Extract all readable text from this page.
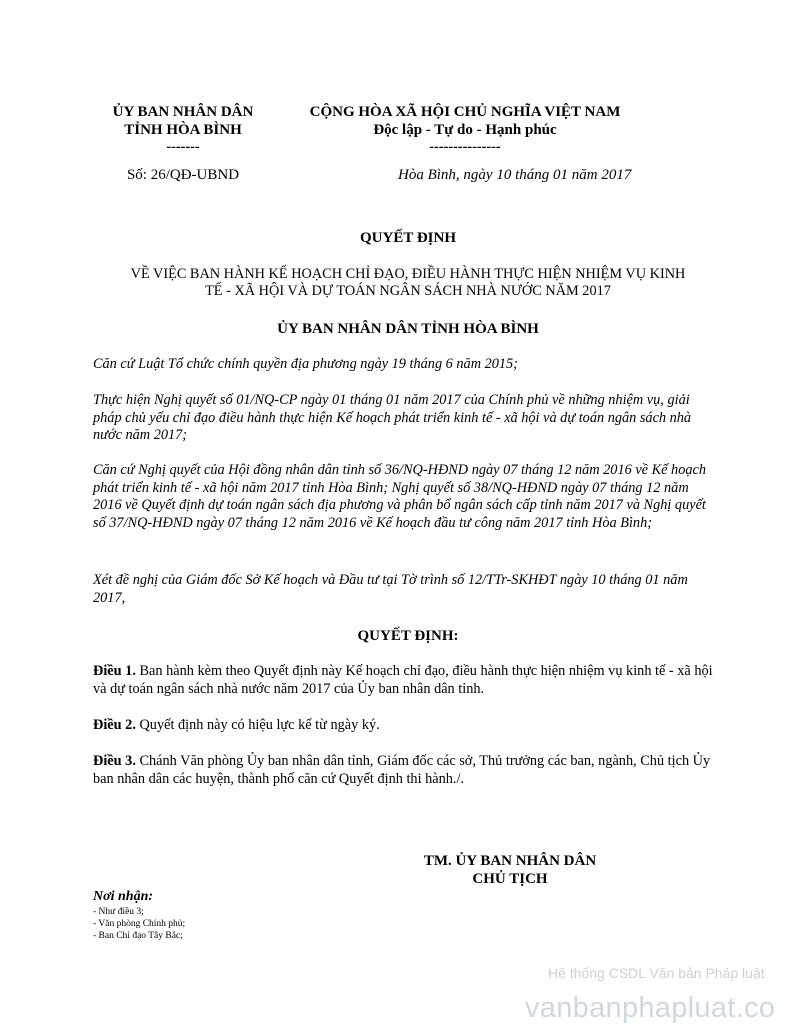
ỦY BAN NHÂN DÂN
TỈNH HÒA BÌNH
-------
CỘNG HÒA XÃ HỘI CHỦ NGHĨA VIỆT NAM
Độc lập - Tự do - Hạnh phúc
---------------
Số: 26/QĐ-UBND	Hòa Bình, ngày 10 tháng 01 năm 2017
QUYẾT ĐỊNH
VỀ VIỆC BAN HÀNH KẾ HOẠCH CHỈ ĐẠO, ĐIỀU HÀNH THỰC HIỆN NHIỆM VỤ KINH
TẾ - XÃ HỘI VÀ DỰ TOÁN NGÂN SÁCH NHÀ NƯỚC NĂM 2017
ỦY BAN NHÂN DÂN TỈNH HÒA BÌNH
Căn cứ Luật Tổ chức chính quyền địa phương ngày 19 tháng 6 năm 2015;
Thực hiện Nghị quyết số 01/NQ-CP ngày 01 tháng 01 năm 2017 của Chính phủ về những nhiệm vụ, giải pháp chủ yếu chỉ đạo điều hành thực hiện Kế hoạch phát triển kinh tế - xã hội và dự toán ngân sách nhà nước năm 2017;
Căn cứ Nghị quyết của Hội đồng nhân dân tỉnh số 36/NQ-HĐND ngày 07 tháng 12 năm 2016 về Kế hoạch phát triển kinh tế - xã hội năm 2017 tỉnh Hòa Bình; Nghị quyết số 38/NQ-HĐND ngày 07 tháng 12 năm 2016 về Quyết định dự toán ngân sách địa phương và phân bổ ngân sách cấp tỉnh năm 2017 và Nghị quyết số 37/NQ-HĐND ngày 07 tháng 12 năm 2016 về Kế hoạch đầu tư công năm 2017 tỉnh Hòa Bình;
Xét đề nghị của Giám đốc Sở Kế hoạch và Đầu tư tại Tờ trình số 12/TTr-SKHĐT ngày 10 tháng 01 năm 2017,
QUYẾT ĐỊNH:
Điều 1. Ban hành kèm theo Quyết định này Kế hoạch chỉ đạo, điều hành thực hiện nhiệm vụ kinh tế - xã hội và dự toán ngân sách nhà nước năm 2017 của Ủy ban nhân dân tỉnh.
Điều 2. Quyết định này có hiệu lực kể từ ngày ký.
Điều 3. Chánh Văn phòng Ủy ban nhân dân tỉnh, Giám đốc các sở, Thủ trưởng các ban, ngành, Chủ tịch Ủy ban nhân dân các huyện, thành phố căn cứ Quyết định thi hành./.
TM. ỦY BAN NHÂN DÂN
CHỦ TỊCH
Nơi nhận:
- Như điều 3;
- Văn phòng Chính phủ;
- Ban Chỉ đạo Tây Bắc;
Hệ thống CSDL Văn bản Pháp luật
vanbanphapluat.co
